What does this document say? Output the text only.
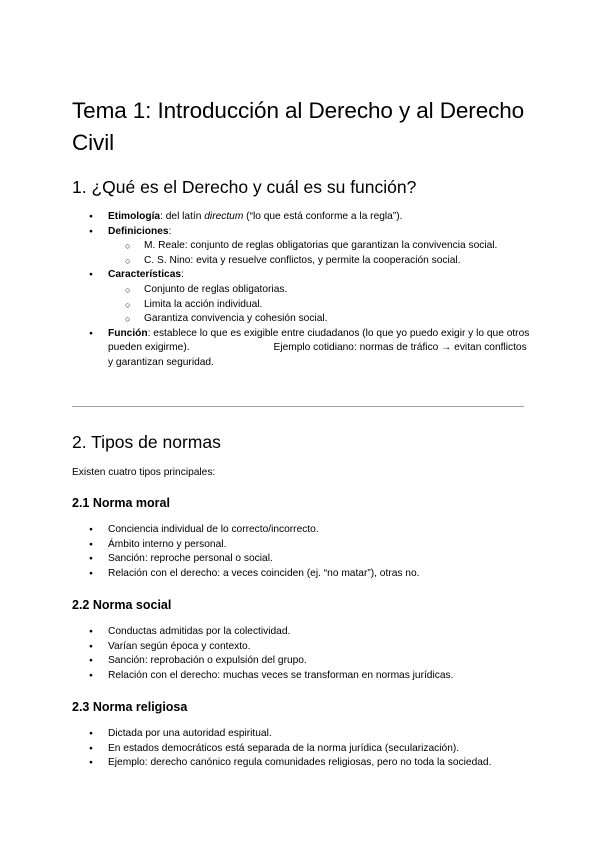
Tema 1: Introducción al Derecho y al Derecho Civil
1. ¿Qué es el Derecho y cuál es su función?
● Etimología: del latín directum (“lo que está conforme a la regla”).
● Definiciones:
○ M. Reale: conjunto de reglas obligatorias que garantizan la convivencia social.
○ C. S. Nino: evita y resuelve conflictos, y permite la cooperación social.
● Características:
○ Conjunto de reglas obligatorias.
○ Limita la acción individual.
○ Garantiza convivencia y cohesión social.
● Función: establece lo que es exigible entre ciudadanos (lo que yo puedo exigir y lo que otros pueden exigirme).	Ejemplo cotidiano: normas de tráfico → evitan conflictos y garantizan seguridad.
2. Tipos de normas

Existen cuatro tipos principales:

2.1 Norma moral
● Conciencia individual de lo correcto/incorrecto.
● Ámbito interno y personal.
● Sanción: reproche personal o social.
● Relación con el derecho: a veces coinciden (ej. “no matar”), otras no.
2.2 Norma social
● Conductas admitidas por la colectividad.
● Varían según época y contexto.
● Sanción: reprobación o expulsión del grupo.
● Relación con el derecho: muchas veces se transforman en normas jurídicas.
2.3 Norma religiosa
● Dictada por una autoridad espiritual.
● En estados democráticos está separada de la norma jurídica (secularización).
● Ejemplo: derecho canónico regula comunidades religiosas, pero no toda la sociedad.
